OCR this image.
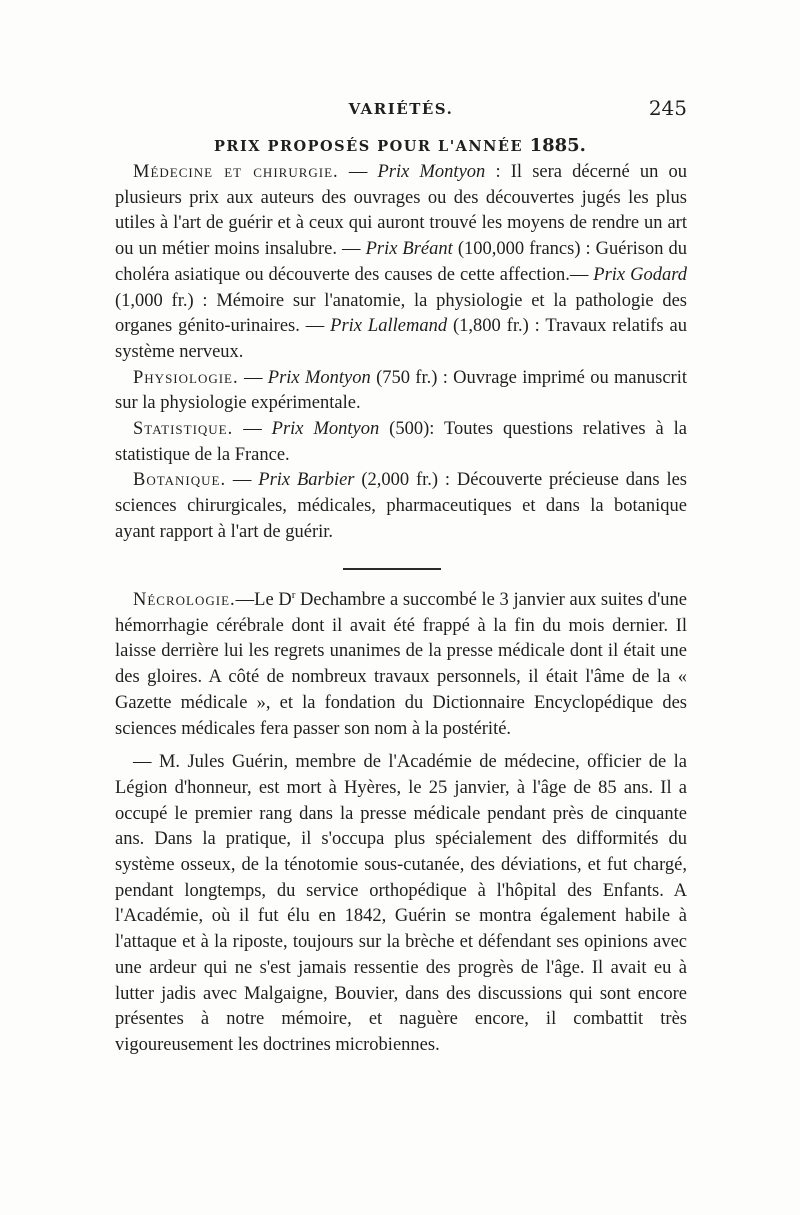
VARIÉTÉS.	245
PRIX PROPOSÉS POUR L'ANNÉE 1885.

Médecine et chirurgie. — Prix Montyon : Il sera décerné un ou plusieurs prix aux auteurs des ouvrages ou des découvertes jugés les plus utiles à l'art de guérir et à ceux qui auront trouvé les moyens de rendre un art ou un métier moins insalubre. — Prix Bréant (100,000 francs) : Guérison du choléra asiatique ou découverte des causes de cette affection.— Prix Godard (1,000 fr.) : Mémoire sur l'anatomie, la physiologie et la pathologie des organes génito-urinaires. — Prix Lallemand (1,800 fr.) : Travaux relatifs au système nerveux.

Physiologie. — Prix Montyon (750 fr.) : Ouvrage imprimé ou manuscrit sur la physiologie expérimentale.

Statistique. — Prix Montyon (500): Toutes questions relatives à la statistique de la France.

Botanique. — Prix Barbier (2,000 fr.) : Découverte précieuse dans les sciences chirurgicales, médicales, pharmaceutiques et dans la botanique ayant rapport à l'art de guérir.

Nécrologie.—Le $D^r$ Dechambre a succombé le 3 janvier aux suites d'une hémorrhagie cérébrale dont il avait été frappé à la fin du mois dernier. Il laisse derrière lui les regrets unanimes de la presse médicale dont il était une des gloires. A côté de nombreux travaux personnels, il était l'âme de la « Gazette médicale », et la fondation du Dictionnaire Encyclopédique des sciences médicales fera passer son nom à la postérité.

— M. Jules Guérin, membre de l'Académie de médecine, officier de la Légion d'honneur, est mort à Hyères, le 25 janvier, à l'âge de 85 ans. Il a occupé le premier rang dans la presse médicale pendant près de cinquante ans. Dans la pratique, il s'occupa plus spécialement des difformités du système osseux, de la ténotomie sous-cutanée, des déviations, et fut chargé, pendant longtemps, du service orthopédique à l'hôpital des Enfants. A l'Académie, où il fut élu en 1842, Guérin se montra également habile à l'attaque et à la riposte, toujours sur la brèche et défendant ses opinions avec une ardeur qui ne s'est jamais ressentie des progrès de l'âge. Il avait eu à lutter jadis avec Malgaigne, Bouvier, dans des discussions qui sont encore présentes à notre mémoire, et naguère encore, il combattit très vigoureusement les doctrines microbiennes.
